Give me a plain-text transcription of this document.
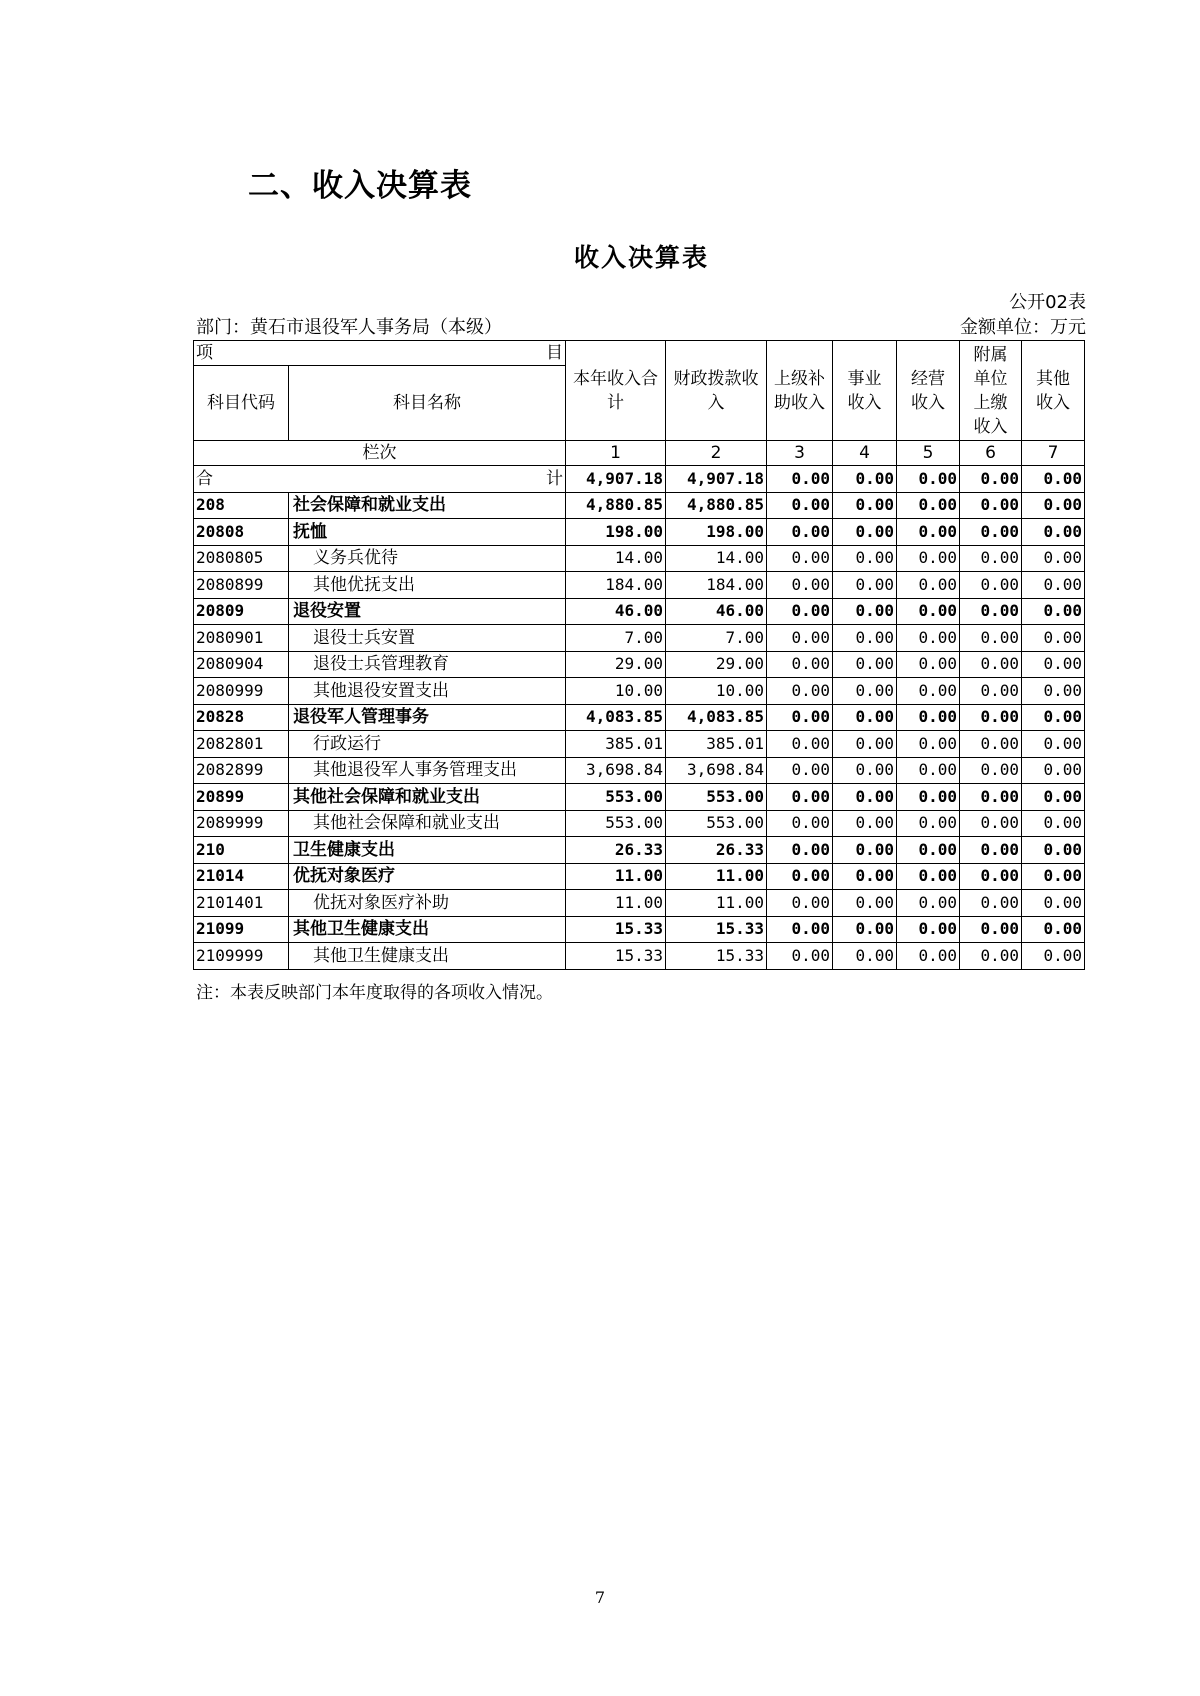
二、收入决算表
收入决算表
公开02表
部门：黄石市退役军人事务局（本级）	金额单位：万元
项 目		本年收入合计	财政拨款收入	上级补助收入	事业收入	经营收入	附属单位上缴收入	其他收入

科目代码	科目名称							
栏次		1	2	3	4	5	6	7

合 计		4,907.18	4,907.18	0.00	0.00	0.00	0.00	0.00
208	社会保障和就业支出	4,880.85	4,880.85	0.00	0.00	0.00	0.00	0.00
20808	抚恤	198.00	198.00	0.00	0.00	0.00	0.00	0.00
2080805	义务兵优待	14.00	14.00	0.00	0.00	0.00	0.00	0.00
2080899	其他优抚支出	184.00	184.00	0.00	0.00	0.00	0.00	0.00
20809	退役安置	46.00	46.00	0.00	0.00	0.00	0.00	0.00
2080901	退役士兵安置	7.00	7.00	0.00	0.00	0.00	0.00	0.00
2080904	退役士兵管理教育	29.00	29.00	0.00	0.00	0.00	0.00	0.00
2080999	其他退役安置支出	10.00	10.00	0.00	0.00	0.00	0.00	0.00
20828	退役军人管理事务	4,083.85	4,083.85	0.00	0.00	0.00	0.00	0.00
2082801	行政运行	385.01	385.01	0.00	0.00	0.00	0.00	0.00
2082899	其他退役军人事务管理支出	3,698.84	3,698.84	0.00	0.00	0.00	0.00	0.00
20899	其他社会保障和就业支出	553.00	553.00	0.00	0.00	0.00	0.00	0.00
2089999	其他社会保障和就业支出	553.00	553.00	0.00	0.00	0.00	0.00	0.00
210	卫生健康支出	26.33	26.33	0.00	0.00	0.00	0.00	0.00
21014	优抚对象医疗	11.00	11.00	0.00	0.00	0.00	0.00	0.00
2101401	优抚对象医疗补助	11.00	11.00	0.00	0.00	0.00	0.00	0.00
21099	其他卫生健康支出	15.33	15.33	0.00	0.00	0.00	0.00	0.00
2109999	其他卫生健康支出	15.33	15.33	0.00	0.00	0.00	0.00	0.00
注：本表反映部门本年度取得的各项收入情况。
7
